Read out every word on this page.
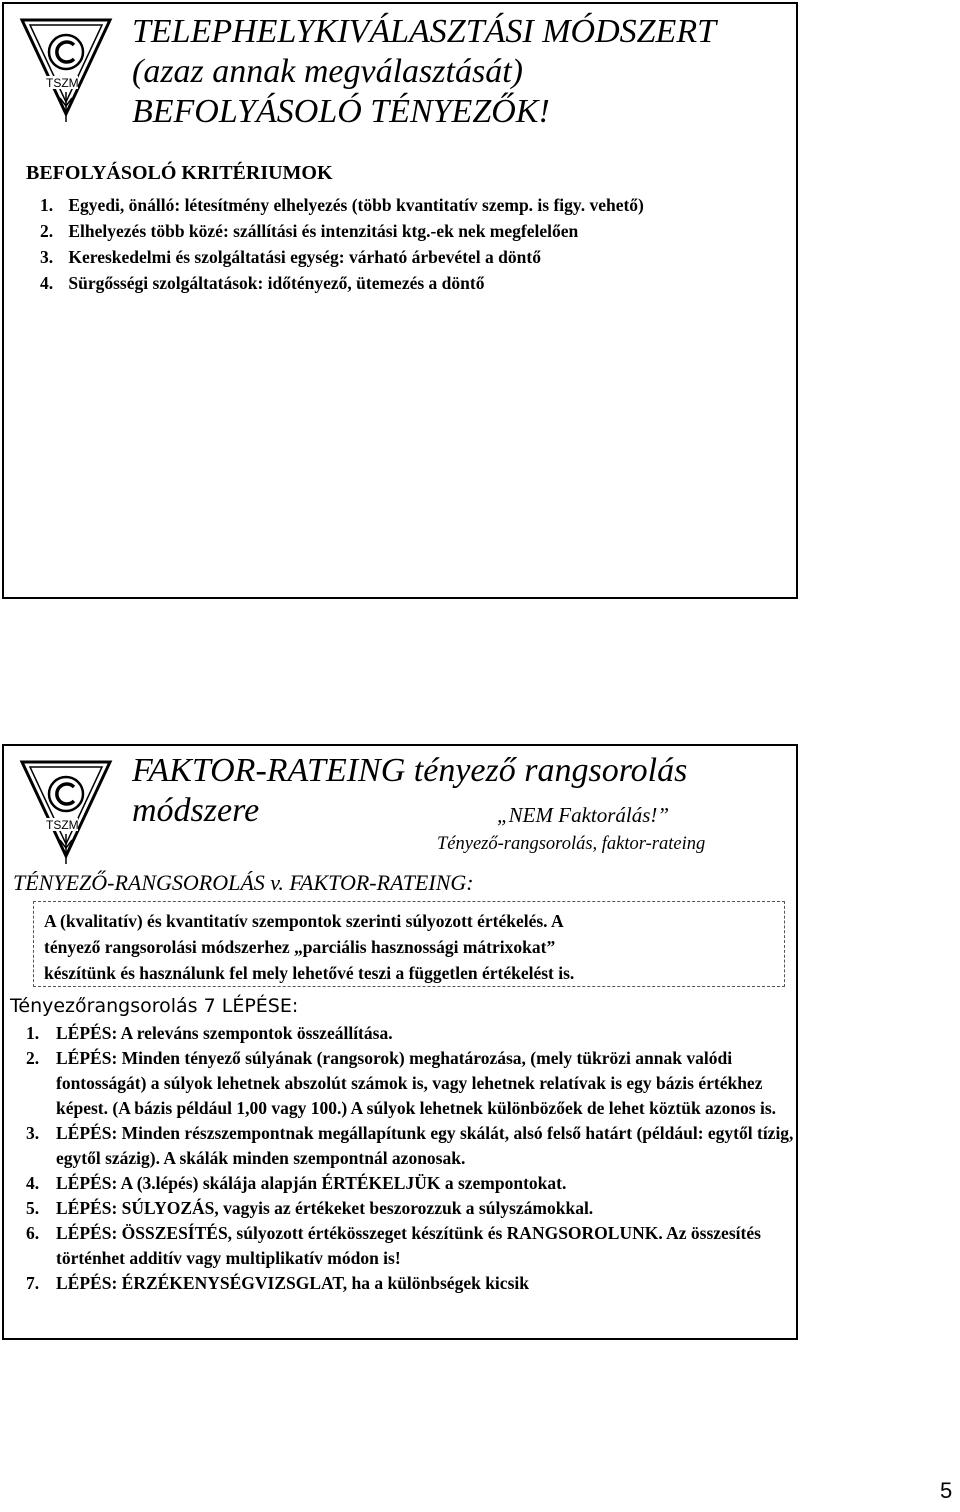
TSZM
TELEPHELYKIVÁLASZTÁSI MÓDSZERT
(azaz annak megválasztását)
BEFOLYÁSOLÓ TÉNYEZŐK!
BEFOLYÁSOLÓ KRITÉRIUMOK
1. Egyedi, önálló: létesítmény elhelyezés (több kvantitatív szemp. is figy. vehető)
2. Elhelyezés több közé: szállítási és intenzitási ktg.-ek nek megfelelően
3. Kereskedelmi és szolgáltatási egység: várható árbevétel a döntő
4. Sürgősségi szolgáltatások: időtényező, ütemezés a döntő
TSZM
FAKTOR-RATEING tényező rangsorolás
módszere	„NEM Faktorálás!”
Tényező-rangsorolás, faktor-rateing
TÉNYEZŐ-RANGSOROLÁS v. FAKTOR-RATEING:
A (kvalitatív) és kvantitatív szempontok szerinti súlyozott értékelés. A
tényező rangsorolási módszerhez „parciális hasznossági mátrixokat”
készítünk és használunk fel mely lehetővé teszi a független értékelést is.
Tényezőrangsorolás 7 LÉPÉSE:
1. LÉPÉS: A releváns szempontok összeállítása.
2. LÉPÉS: Minden tényező súlyának (rangsorok) meghatározása, (mely tükrözi annak valódi fontosságát) a súlyok lehetnek abszolút számok is, vagy lehetnek relatívak is egy bázis értékhez képest. (A bázis például 1,00 vagy 100.) A súlyok lehetnek különbözőek de lehet köztük azonos is.
3. LÉPÉS: Minden részszempontnak megállapítunk egy skálát, alsó felső határt (például: egytől tízig, egytől százig). A skálák minden szempontnál azonosak.
4. LÉPÉS: A (3.lépés) skálája alapján ÉRTÉKELJÜK a szempontokat.
5. LÉPÉS: SÚLYOZÁS, vagyis az értékeket beszorozzuk a súlyszámokkal.
6. LÉPÉS: ÖSSZESÍTÉS, súlyozott értékösszeget készítünk és RANGSOROLUNK. Az összesítés történhet additív vagy multiplikatív módon is!
7. LÉPÉS: ÉRZÉKENYSÉGVIZSGLAT, ha a különbségek kicsik
5
